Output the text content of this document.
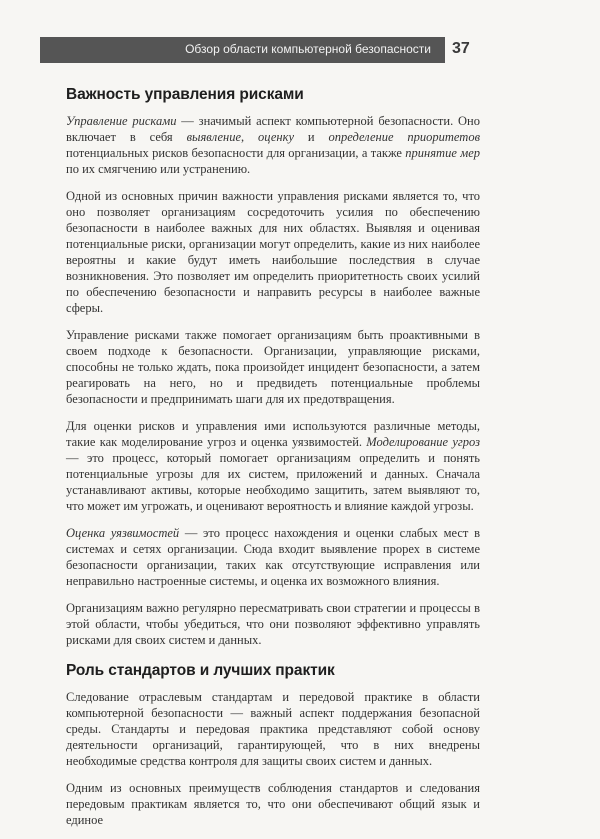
Обзор области компьютерной безопасности 37
Важность управления рисками

Управление рисками — значимый аспект компьютерной безопасности. Оно включает в себя выявление, оценку и определение приоритетов потенциальных рисков безопасности для организации, а также принятие мер по их смягчению или устранению.

Одной из основных причин важности управления рисками является то, что оно позволяет организациям сосредоточить усилия по обеспечению безопасности в наиболее важных для них областях. Выявляя и оценивая потенциальные риски, организации могут определить, какие из них наиболее вероятны и какие будут иметь наибольшие последствия в случае возникновения. Это позволяет им определить приоритетность своих усилий по обеспечению безопасности и направить ресурсы в наиболее важные сферы.

Управление рисками также помогает организациям быть проактивными в своем подходе к безопасности. Организации, управляющие рисками, способны не только ждать, пока произойдет инцидент безопасности, а затем реагировать на него, но и предвидеть потенциальные проблемы безопасности и предпринимать шаги для их предотвращения.

Для оценки рисков и управления ими используются различные методы, такие как моделирование угроз и оценка уязвимостей. Моделирование угроз — это процесс, который помогает организациям определить и понять потенциальные угрозы для их систем, приложений и данных. Сначала устанавливают активы, которые необходимо защитить, затем выявляют то, что может им угрожать, и оценивают вероятность и влияние каждой угрозы.

Оценка уязвимостей — это процесс нахождения и оценки слабых мест в системах и сетях организации. Сюда входит выявление прорех в системе безопасности организации, таких как отсутствующие исправления или неправильно настроенные системы, и оценка их возможного влияния.

Организациям важно регулярно пересматривать свои стратегии и процессы в этой области, чтобы убедиться, что они позволяют эффективно управлять рисками для своих систем и данных.

Роль стандартов и лучших практик

Следование отраслевым стандартам и передовой практике в области компьютерной безопасности — важный аспект поддержания безопасной среды. Стандарты и передовая практика представляют собой основу деятельности организаций, гарантирующей, что в них внедрены необходимые средства контроля для защиты своих систем и данных.

Одним из основных преимуществ соблюдения стандартов и следования передовым практикам является то, что они обеспечивают общий язык и единое
